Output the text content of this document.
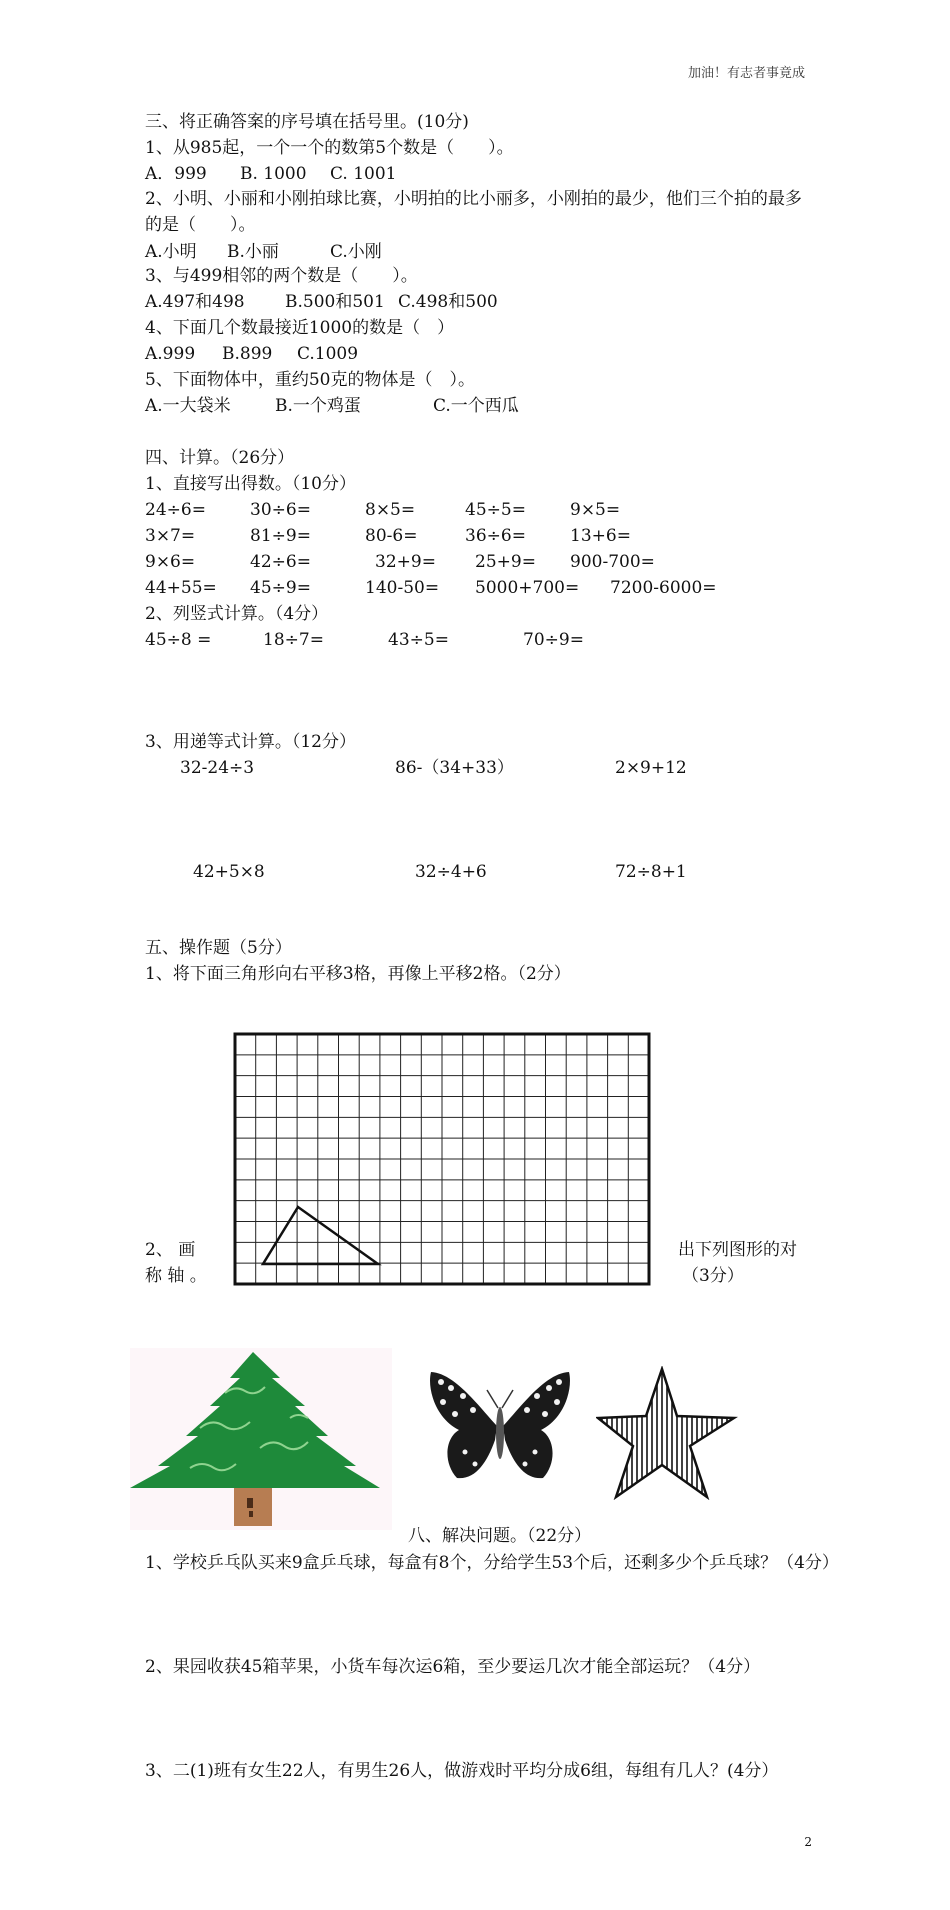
加油！有志者事竟成
三、将正确答案的序号填在括号里。(10分)
1、从985起，一个一个的数第5个数是（　　）。
A．999 B. 1000 C. 1001
2、小明、小丽和小刚拍球比赛，小明拍的比小丽多，小刚拍的最少，他们三个拍的最多的是（　　）。
A.小明 B.小丽	C.小刚
3、与499相邻的两个数是（　　）。
A.497和498 B.500和501 C.498和500
4、下面几个数最接近1000的数是（　）
A.999 B.899 C.1009
5、下面物体中，重约50克的物体是（　）。
A.一大袋米	B.一个鸡蛋	C.一个西瓜
四、计算。（26分）
1、直接写出得数。（10分）
24÷6=	30÷6=	8×5=	45÷5=	9×5=
3×7=	81÷9=	80-6=	36÷6=	13+6=
9×6=	42÷6=	32+9= 25+9= 900-700=
44+55= 45÷9=	140-50= 5000+700= 7200-6000=
2、列竖式计算。（4分）
45÷8 =	18÷7=	43÷5=	70÷9=
3、用递等式计算。（12分）
32-24÷3	86-（34+33）	2×9+12
42+5×8	32÷4+6	72÷8+1
五、操作题（5分）
1、将下面三角形向右平移3格，再像上平移2格。（2分）
2、 画
称 轴 。
出下列图形的对
（3分）
八、解决问题。（22分）
1、学校乒乓队买来9盒乒乓球，每盒有8个，分给学生53个后，还剩多少个乒乓球？（4分）
2、果园收获45箱苹果，小货车每次运6箱，至少要运几次才能全部运玩？（4分）
3、二(1)班有女生22人，有男生26人，做游戏时平均分成6组，每组有几人？(4分）
2
